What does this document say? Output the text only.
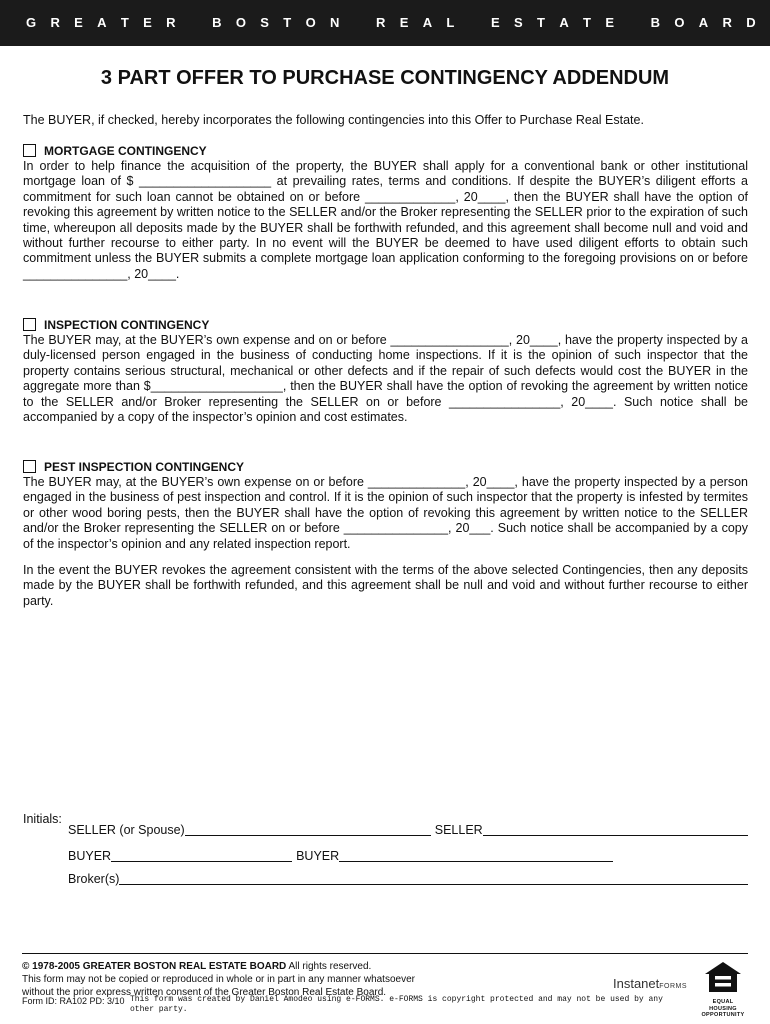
G R E A T E R	B O S T O N	R E A L	E S T A T E	B O A R D
3 PART OFFER TO PURCHASE CONTINGENCY ADDENDUM
The BUYER, if checked, hereby incorporates the following contingencies into this Offer to Purchase Real Estate.
MORTGAGE CONTINGENCY

In order to help finance the acquisition of the property, the BUYER shall apply for a conventional bank or other institutional mortgage loan of $ ___________________ at prevailing rates, terms and conditions. If despite the BUYER’s diligent efforts a commitment for such loan cannot be obtained on or before _____________, 20____, then the BUYER shall have the option of revoking this agreement by written notice to the SELLER and/or the Broker representing the SELLER prior to the expiration of such time, whereupon all deposits made by the BUYER shall be forthwith refunded, and this agreement shall become null and void and without further recourse to either party. In no event will the BUYER be deemed to have used diligent efforts to obtain such commitment unless the BUYER submits a complete mortgage loan application conforming to the foregoing provisions on or before _______________, 20____.

INSPECTION CONTINGENCY

The BUYER may, at the BUYER’s own expense and on or before _________________, 20____, have the property inspected by a duly-licensed person engaged in the business of conducting home inspections. If it is the opinion of such inspector that the property contains serious structural, mechanical or other defects and if the repair of such defects would cost the BUYER in the aggregate more than $___________________, then the BUYER shall have the option of revoking the agreement by written notice to the SELLER and/or Broker representing the SELLER on or before ________________, 20____. Such notice shall be accompanied by a copy of the inspector’s opinion and cost estimates.

PEST INSPECTION CONTINGENCY

The BUYER may, at the BUYER’s own expense on or before ______________, 20____, have the property inspected by a person engaged in the business of pest inspection and control. If it is the opinion of such inspector that the property is infested by termites or other wood boring pests, then the BUYER shall have the option of revoking this agreement by written notice to the SELLER and/or the Broker representing the SELLER on or before _______________, 20___. Such notice shall be accompanied by a copy of the inspector’s opinion and any related inspection report.

In the event the BUYER revokes the agreement consistent with the terms of the above selected Contingencies, then any deposits made by the BUYER shall be forthwith refunded, and this agreement shall be null and void and without further recourse to either party.

Initials:
SELLER (or Spouse)	SELLER
BUYER	BUYER
Broker(s)
© 1978-2005 GREATER BOSTON REAL ESTATE BOARD All rights reserved.
This form may not be copied or reproduced in whole or in part in any manner whatsoever
without the prior express written consent of the Greater Boston Real Estate Board.
Form ID: RA102 PD: 3/10 This form was created by Daniel Amodeo using e-FORMS. e-FORMS is copyright protected and may not be used by any other party.
InstanetFORMS
EQUAL HOUSING
OPPORTUNITY
